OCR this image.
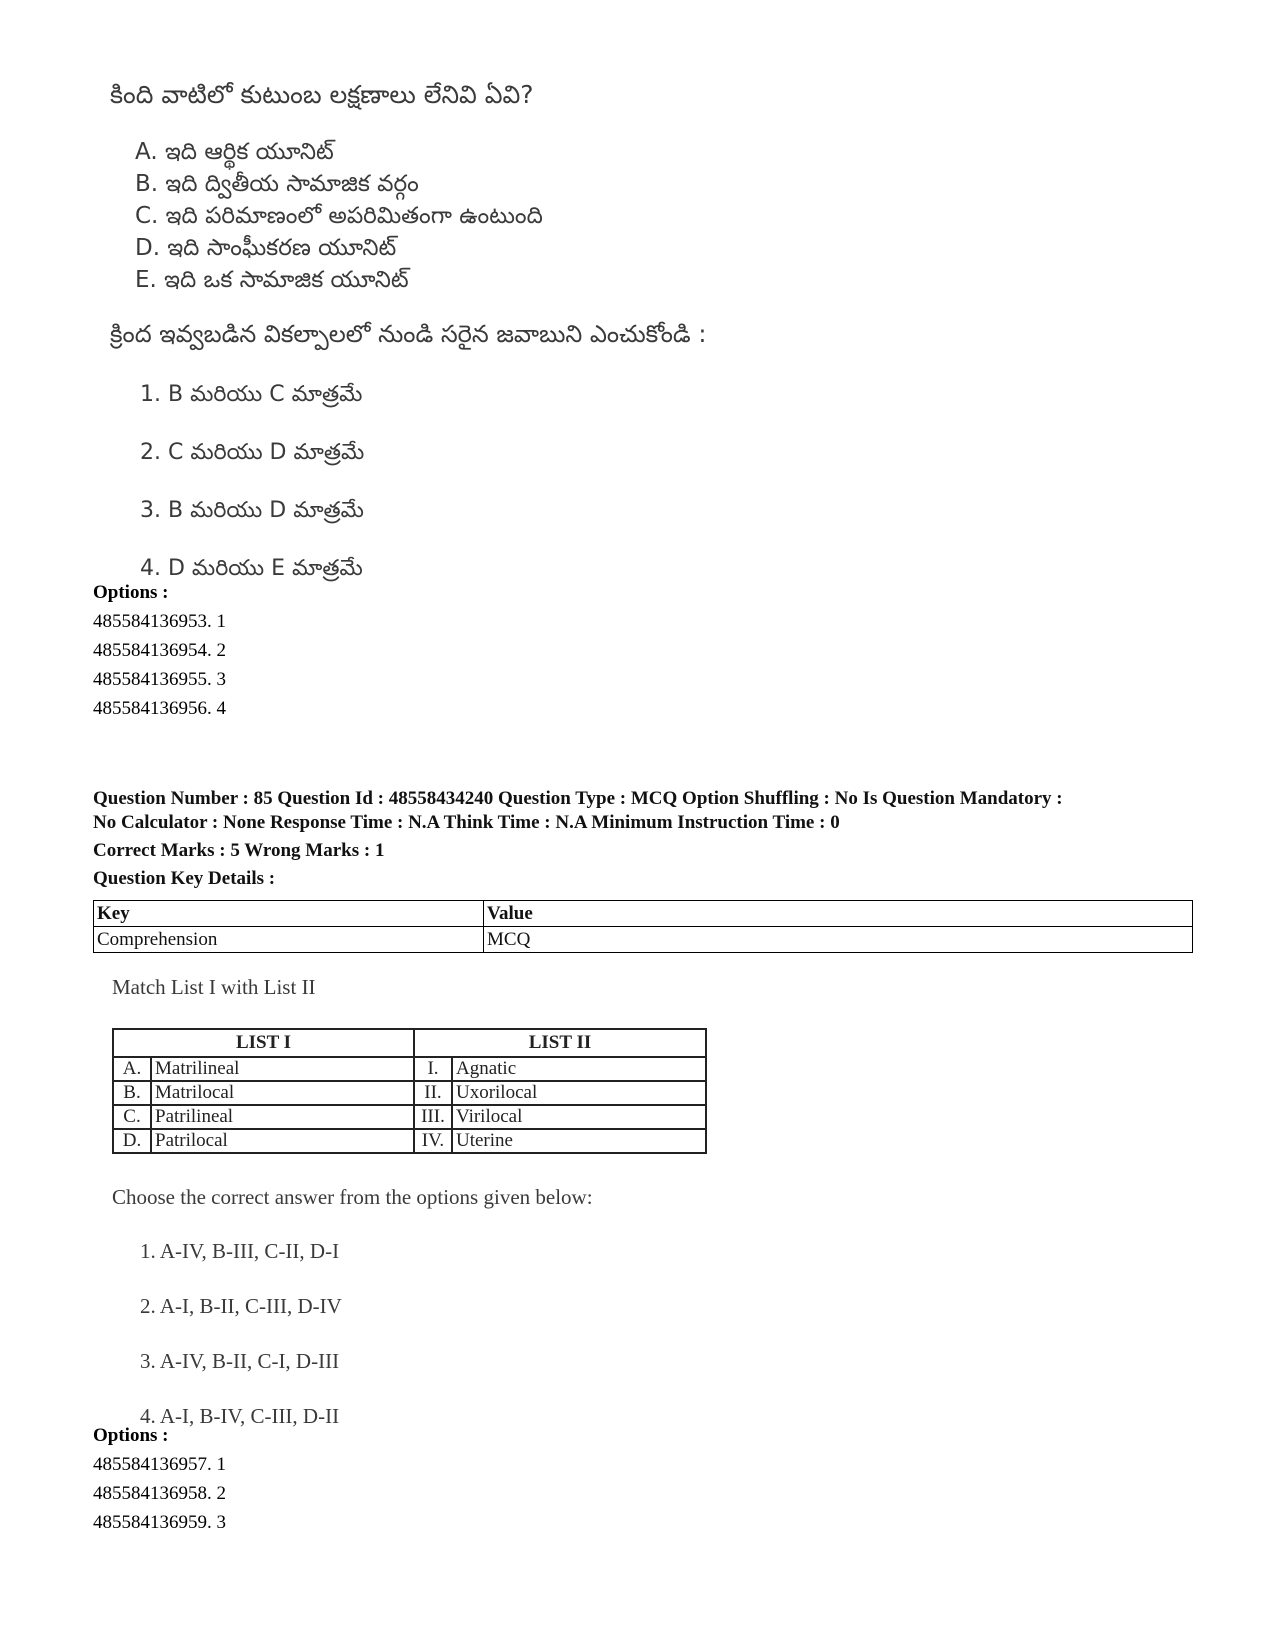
కింది వాటిలో కుటుంబ లక్షణాలు లేనివి ఏవి?
A. ఇది ఆర్థిక యూనిట్
B. ఇది ద్వితీయ సామాజిక వర్గం
C. ఇది పరిమాణంలో అపరిమితంగా ఉంటుంది
D. ఇది సాంఘీకరణ యూనిట్
E. ఇది ఒక సామాజిక యూనిట్
క్రింద ఇవ్వబడిన వికల్పాలలో నుండి సరైన జవాబుని ఎంచుకోండి :
1. B మరియు C మాత్రమే
2. C మరియు D మాత్రమే
3. B మరియు D మాత్రమే
4. D మరియు E మాత్రమే
Options :
485584136953. 1
485584136954. 2
485584136955. 3
485584136956. 4
Question Number : 85 Question Id : 48558434240 Question Type : MCQ Option Shuffling : No Is Question Mandatory :
No Calculator : None Response Time : N.A Think Time : N.A Minimum Instruction Time : 0
Correct Marks : 5 Wrong Marks : 1
Question Key Details :
Key	Value
Comprehension	MCQ
Match List I with List II
LIST I		LIST II	
A.	Matrilineal	I.	Agnatic
B.	Matrilocal	II.	Uxorilocal
C.	Patrilineal	III.	Virilocal
D.	Patrilocal	IV.	Uterine
Choose the correct answer from the options given below:
1. A-IV, B-III, C-II, D-I
2. A-I, B-II, C-III, D-IV
3. A-IV, B-II, C-I, D-III
4. A-I, B-IV, C-III, D-II
Options :
485584136957. 1
485584136958. 2
485584136959. 3
